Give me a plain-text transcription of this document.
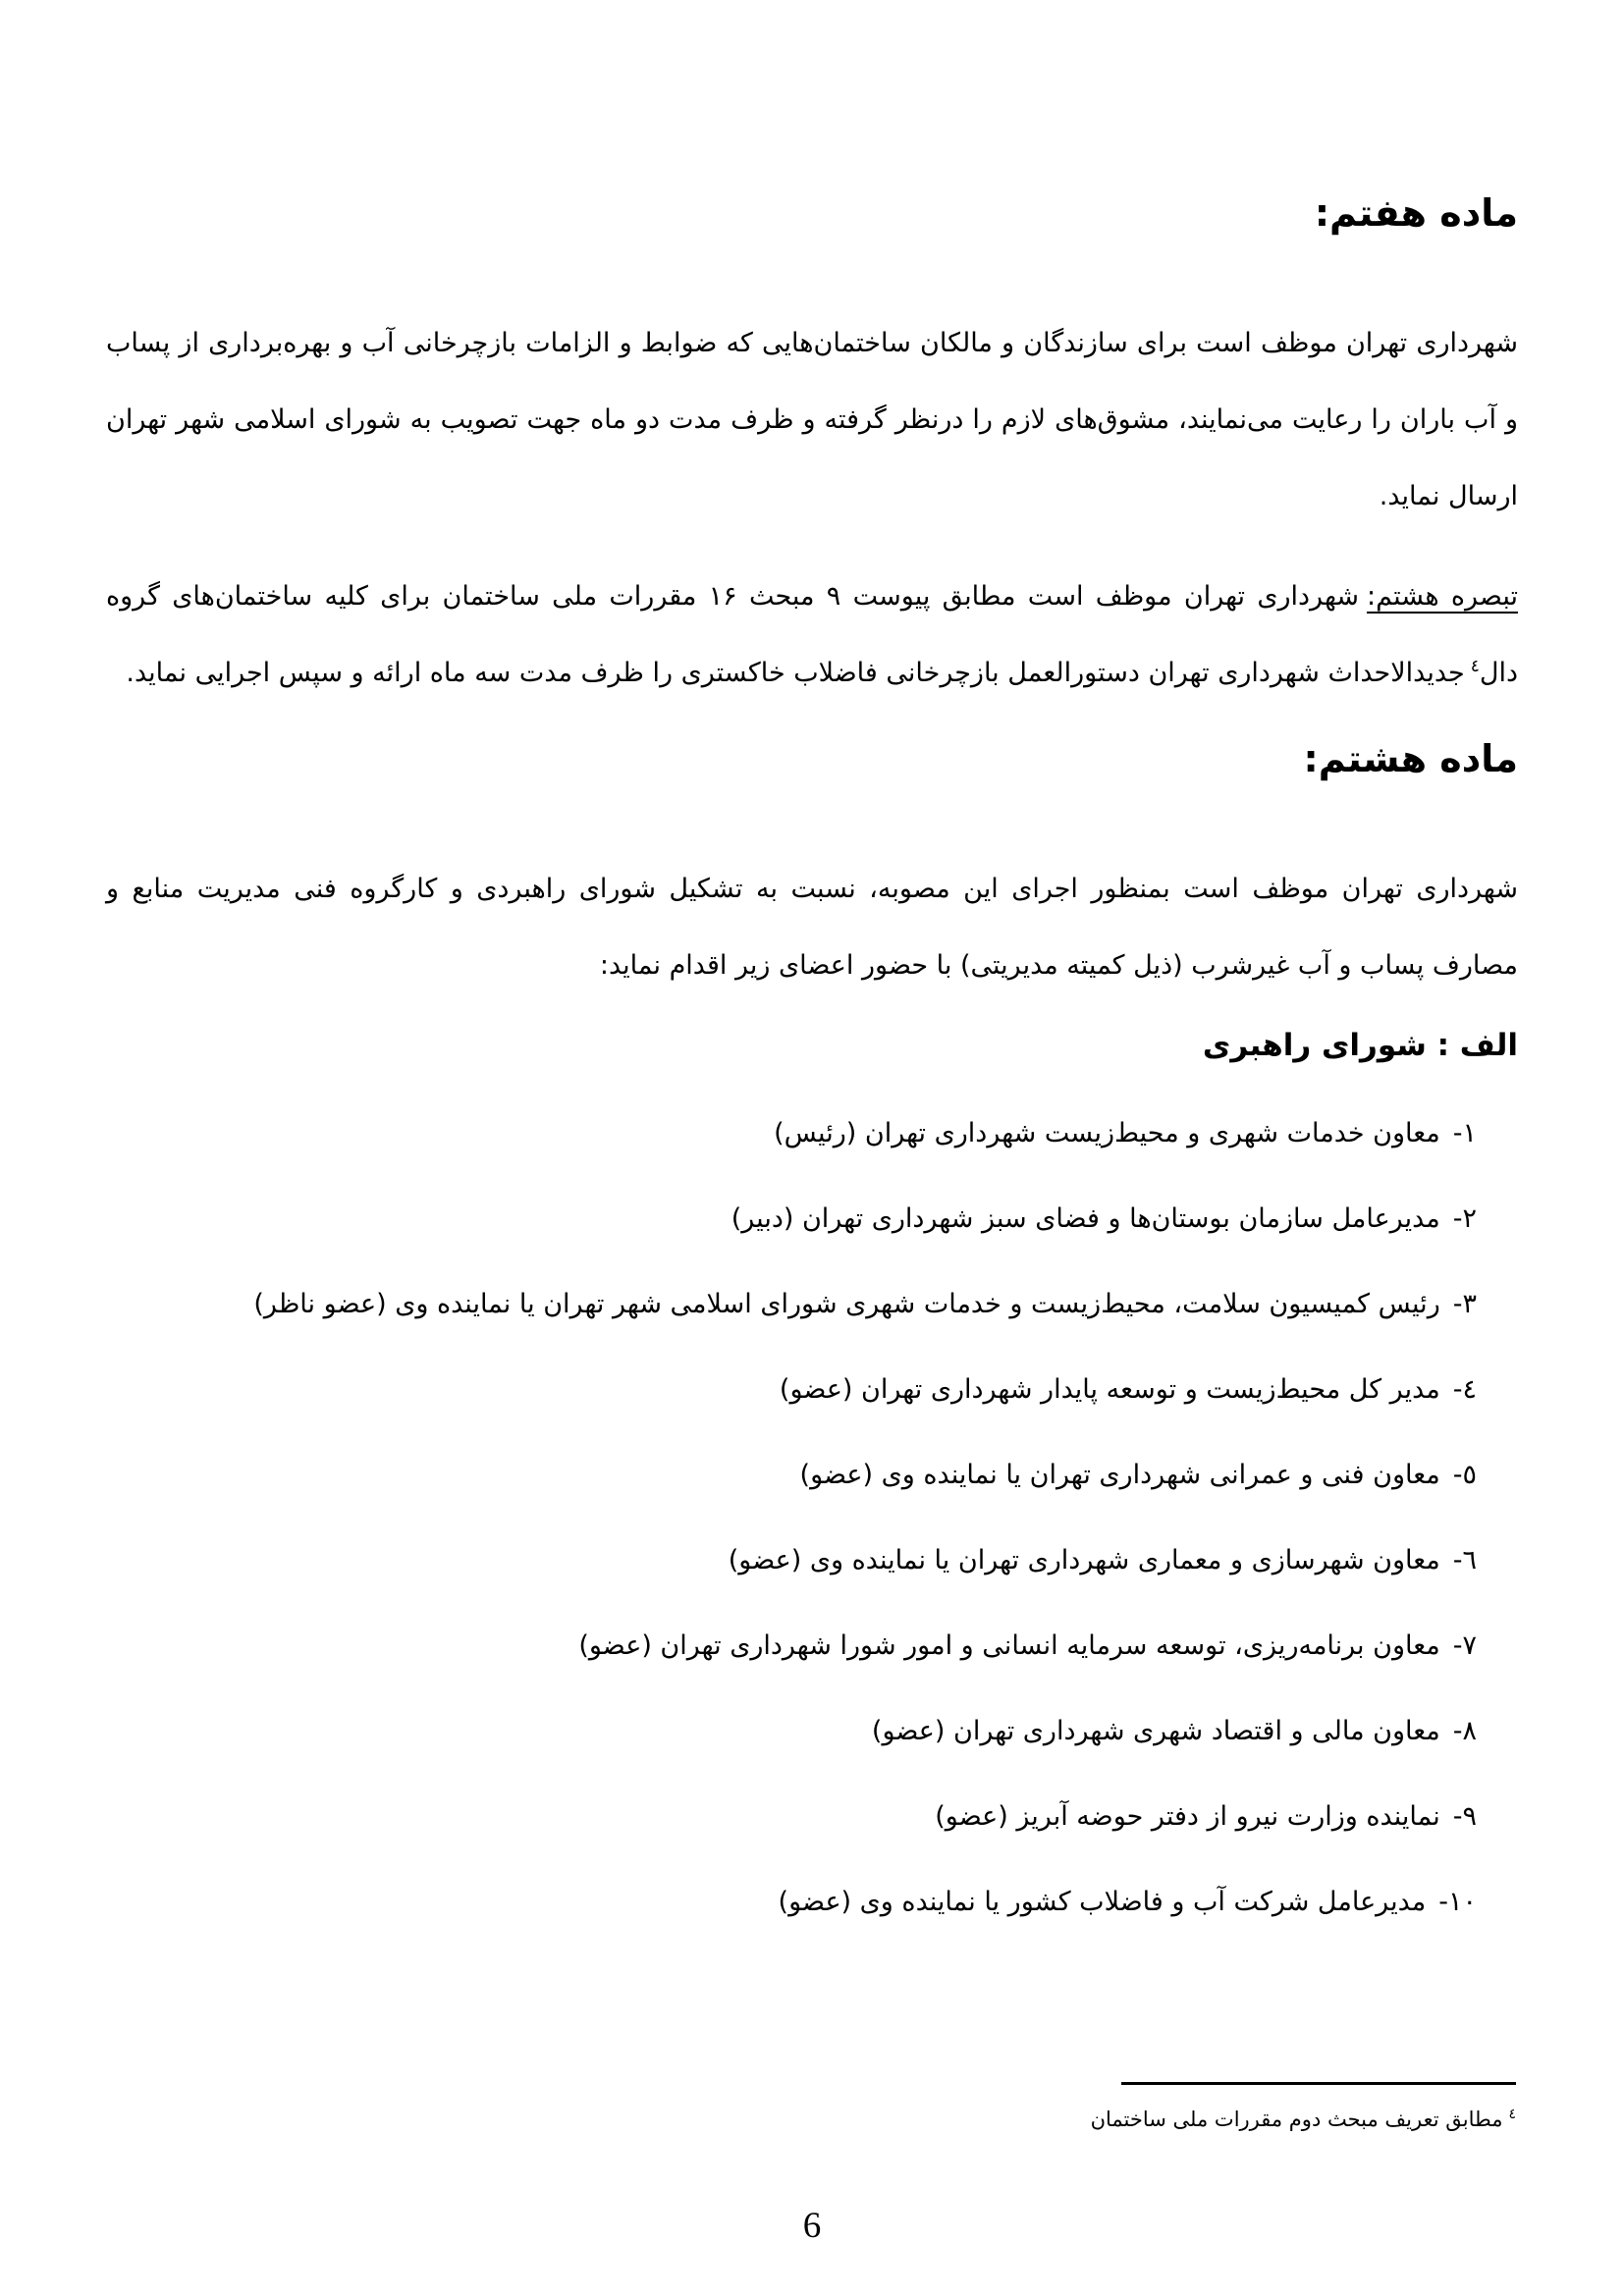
ماده هفتم:

شهرداری تهران موظف است برای سازندگان و مالکان ساختمان‌هایی که ضوابط و الزامات بازچرخانی آب و بهره‌برداری از پساب و آب باران را رعایت می‌نمایند، مشوق‌های لازم را درنظر گرفته و ظرف مدت دو ماه جهت تصویب به شورای اسلامی شهر تهران ارسال نماید.

تبصره هشتم:شهرداری تهران موظف است مطابق پیوست ۹ مبحث ۱۶ مقررات ملی ساختمان برای کلیه ساختمان‌های گروه دال$^٤$جدیدالاحداث شهرداری تهران دستورالعمل بازچرخانی فاضلاب خاکستری را ظرف مدت سه ماه ارائه و سپس اجرایی نماید.

ماده هشتم:

شهرداری تهران موظف است بمنظور اجرای این مصوبه، نسبت به تشکیل شورای راهبردی و کارگروه فنی مدیریت منابع و مصارف پساب و آب غیرشرب (ذیل کمیته مدیریتی) با حضور اعضای زیر اقدام نماید:

الف : شورای راهبری
۱-معاون خدمات شهری و محیط‌زیست شهرداری تهران (رئیس)
۲-مدیرعامل سازمان بوستان‌ها و فضای سبز شهرداری تهران (دبیر)
۳-رئیس کمیسیون سلامت، محیط‌زیست و خدمات شهری شورای اسلامی شهر تهران یا نماینده وی (عضو ناظر)
٤-مدیر کل محیط‌زیست و توسعه پایدار شهرداری تهران (عضو)
٥-معاون فنی و عمرانی شهرداری تهران یا نماینده وی (عضو)
٦-معاون شهرسازی و معماری شهرداری تهران یا نماینده وی (عضو)
۷-معاون برنامه‌ریزی، توسعه سرمایه انسانی و امور شورا شهرداری تهران (عضو)
۸-معاون مالی و اقتصاد شهری شهرداری تهران (عضو)
۹-نماینده وزارت نیرو از دفتر حوضه آبریز (عضو)
۱۰-مدیرعامل شرکت آب و فاضلاب کشور یا نماینده وی (عضو)
$^٤$مطابق تعریف مبحث دوم مقررات ملی ساختمان
6
